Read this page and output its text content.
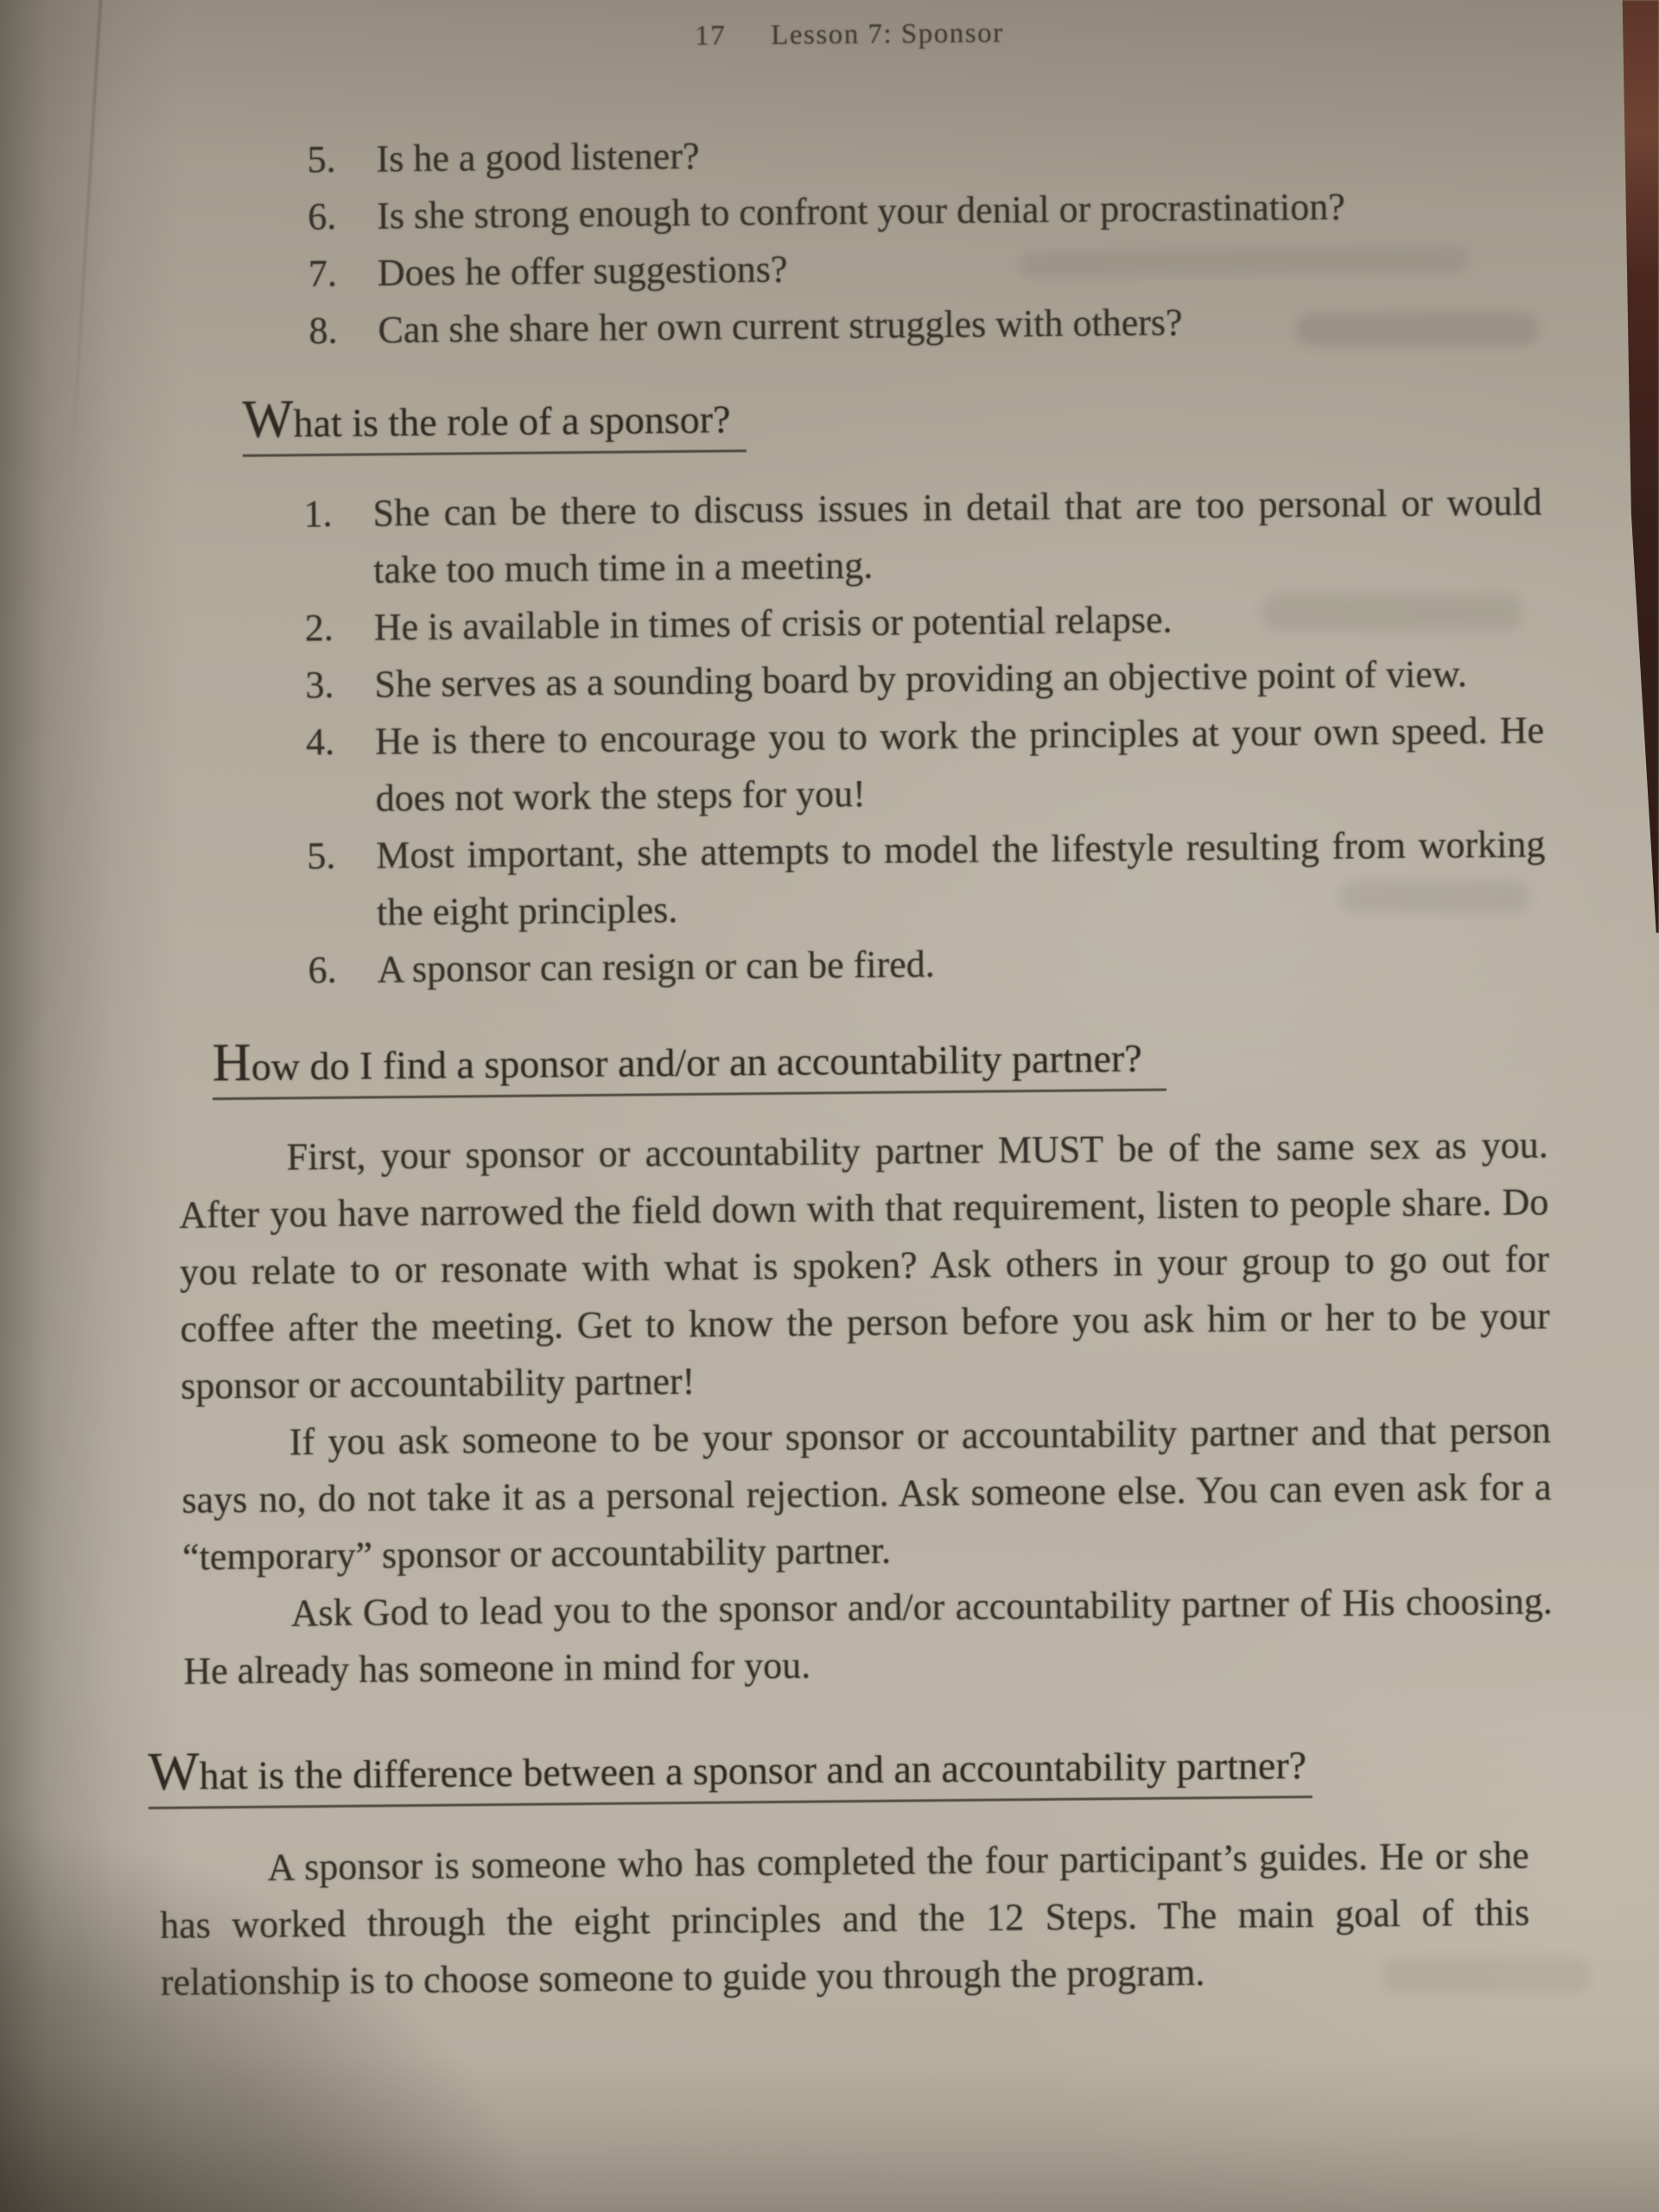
17 Lesson 7: Sponsor
5.	Is he a good listener?
6.	Is she strong enough to confront your denial or procrastination?
7.	Does he offer suggestions?
8.	Can she share her own current struggles with others?
What is the role of a sponsor?
1.	She can be there to discuss issues in detail that are too personal or would take too much time in a meeting.
2.	He is available in times of crisis or potential relapse.
3.	She serves as a sounding board by providing an objective point of view.
4.	He is there to encourage you to work the principles at your own speed. He does not work the steps for you!
5.	Most important, she attempts to model the lifestyle resulting from working the eight principles.
6.	A sponsor can resign or can be fired.
How do I find a sponsor and/or an accountability partner?

First, your sponsor or accountability partner MUST be of the same sex as you. After you have narrowed the field down with that requirement, listen to people share. Do you relate to or resonate with what is spoken? Ask others in your group to go out for coffee after the meeting. Get to know the person before you ask him or her to be your sponsor or accountability partner!

If you ask someone to be your sponsor or accountability partner and that person says no, do not take it as a personal rejection. Ask someone else. You can even ask for a “temporary” sponsor or accountability partner.

Ask God to lead you to the sponsor and/or accountability partner of His choosing. He already has someone in mind for you.

What is the difference between a sponsor and an accountability partner?

A sponsor is someone who has completed the four participant’s guides. He or she has worked through the eight principles and the 12 Steps. The main goal of this relationship is to choose someone to guide you through the program.
